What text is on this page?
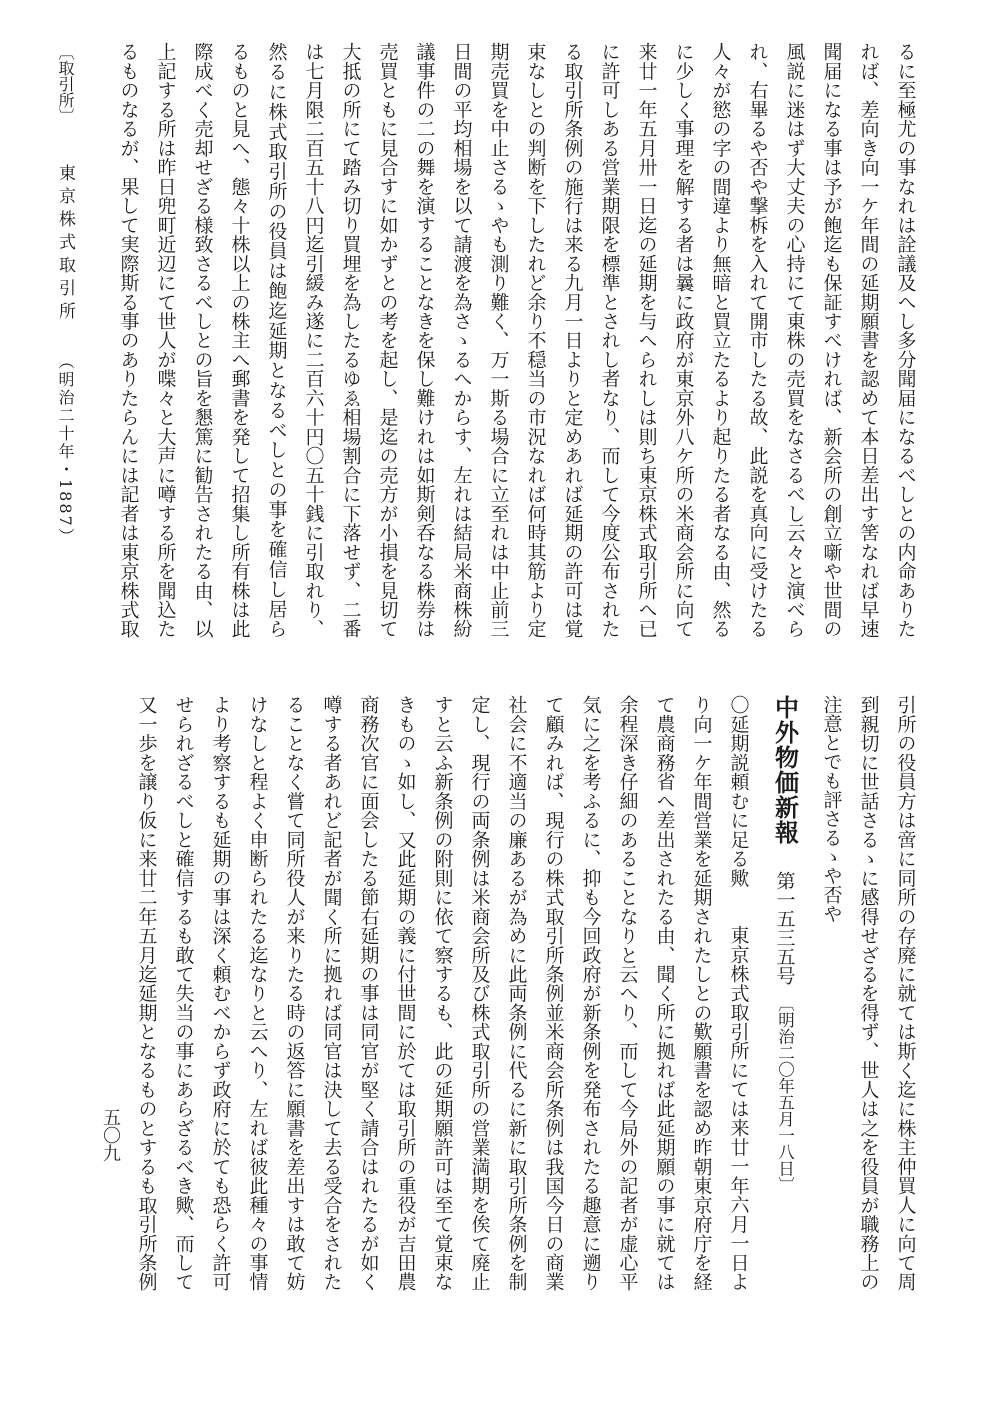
〔取引所〕
東京株式取引所
（明治二十年・1887）	るに至極尤の事なれは詮議及へし多分聞届になるべしとの内命ありた
れば、差向き向一ケ年間の延期願書を認めて本日差出す筈なれば早速
聞届になる事は予が飽迄も保証すべければ、新会所の創立噺や世間の
風説に迷はず大丈夫の心持にて東株の売買をなさるべし云々と演べら
れ、右畢るや否や撃柝を入れて開市したる故、此説を真向に受けたる
人々が慾の字の間違より無暗と買立たるより起りたる者なる由、然る
に少しく事理を解する者は曩に政府が東京外八ケ所の米商会所に向て
来廿一年五月卅一日迄の延期を与へられしは則ち東京株式取引所へ已
に許可しある営業期限を標準とされし者なり、而して今度公布された
る取引所条例の施行は来る九月一日よりと定めあれば延期の許可は覚
束なしとの判断を下したれど余り不穏当の市況なれば何時其筋より定
期売買を中止さるゝやも測り難く、万一斯る場合に立至れは中止前三
日間の平均相場を以て請渡を為さゝるへからす、左れは結局米商株紛
議事件の二の舞を演することなきを保し難けれは如斯剣呑なる株券は
売買ともに見合すに如かずとの考を起し、是迄の売方が小損を見切て
大抵の所にて踏み切り買埋を為したるゆゑ相場割合に下落せず、二番
は七月限二百五十八円迄引緩み遂に二百六十円〇五十銭に引取れり、
然るに株式取引所の役員は飽迄延期となるべしとの事を確信し居ら
るものと見へ、態々十株以上の株主へ郵書を発して招集し所有株は此
際成べく売却せざる様致さるべしとの旨を懇篤に勧告されたる由、以
上記する所は昨日兜町近辺にて世人が喋々と大声に噂する所を聞込た
るものなるが、果して実際斯る事のありたらんには記者は東京株式取
引所の役員方は啻に同所の存廃に就ては斯く迄に株主仲買人に向て周
到親切に世話さるゝに感得せざるを得ず、世人は之を役員が職務上の
注意とでも評さるゝや否や
中外物価新報
第一五三五号
〔明治二〇年五月一八日〕
〇延期説頼むに足る歟東京株式取引所にては来廿一年六月一日よ
り向一ケ年間営業を延期されたしとの歎願書を認め昨朝東京府庁を経
て農商務省へ差出されたる由、聞く所に拠れば此延期願の事に就ては
余程深き仔細のあることなりと云へり、而して今局外の記者が虚心平
気に之を考ふるに、抑も今回政府が新条例を発布されたる趣意に遡り
て顧みれば、現行の株式取引所条例並米商会所条例は我国今日の商業
社会に不適当の廉あるが為めに此両条例に代るに新に取引所条例を制
定し、現行の両条例は米商会所及び株式取引所の営業満期を俟て廃止
すと云ふ新条例の附則に依て察するも、此の延期願許可は至て覚束な
きものゝ如し、又此延期の義に付世間に於ては取引所の重役が吉田農
商務次官に面会したる節右延期の事は同官が堅く請合はれたるが如く
噂する者あれど記者が聞く所に拠れば同官は決して去る受合をされた
ることなく嘗て同所役人が来りたる時の返答に願書を差出すは敢て妨
けなしと程よく申断られたる迄なりと云へり、左れば彼此種々の事情
より考察するも延期の事は深く頼むべからず政府に於ても恐らく許可
せられざるべしと確信するも敢て失当の事にあらざるべき歟、而して
又一歩を譲り仮に来廿二年五月迄延期となるものとするも取引所条例
五〇九
